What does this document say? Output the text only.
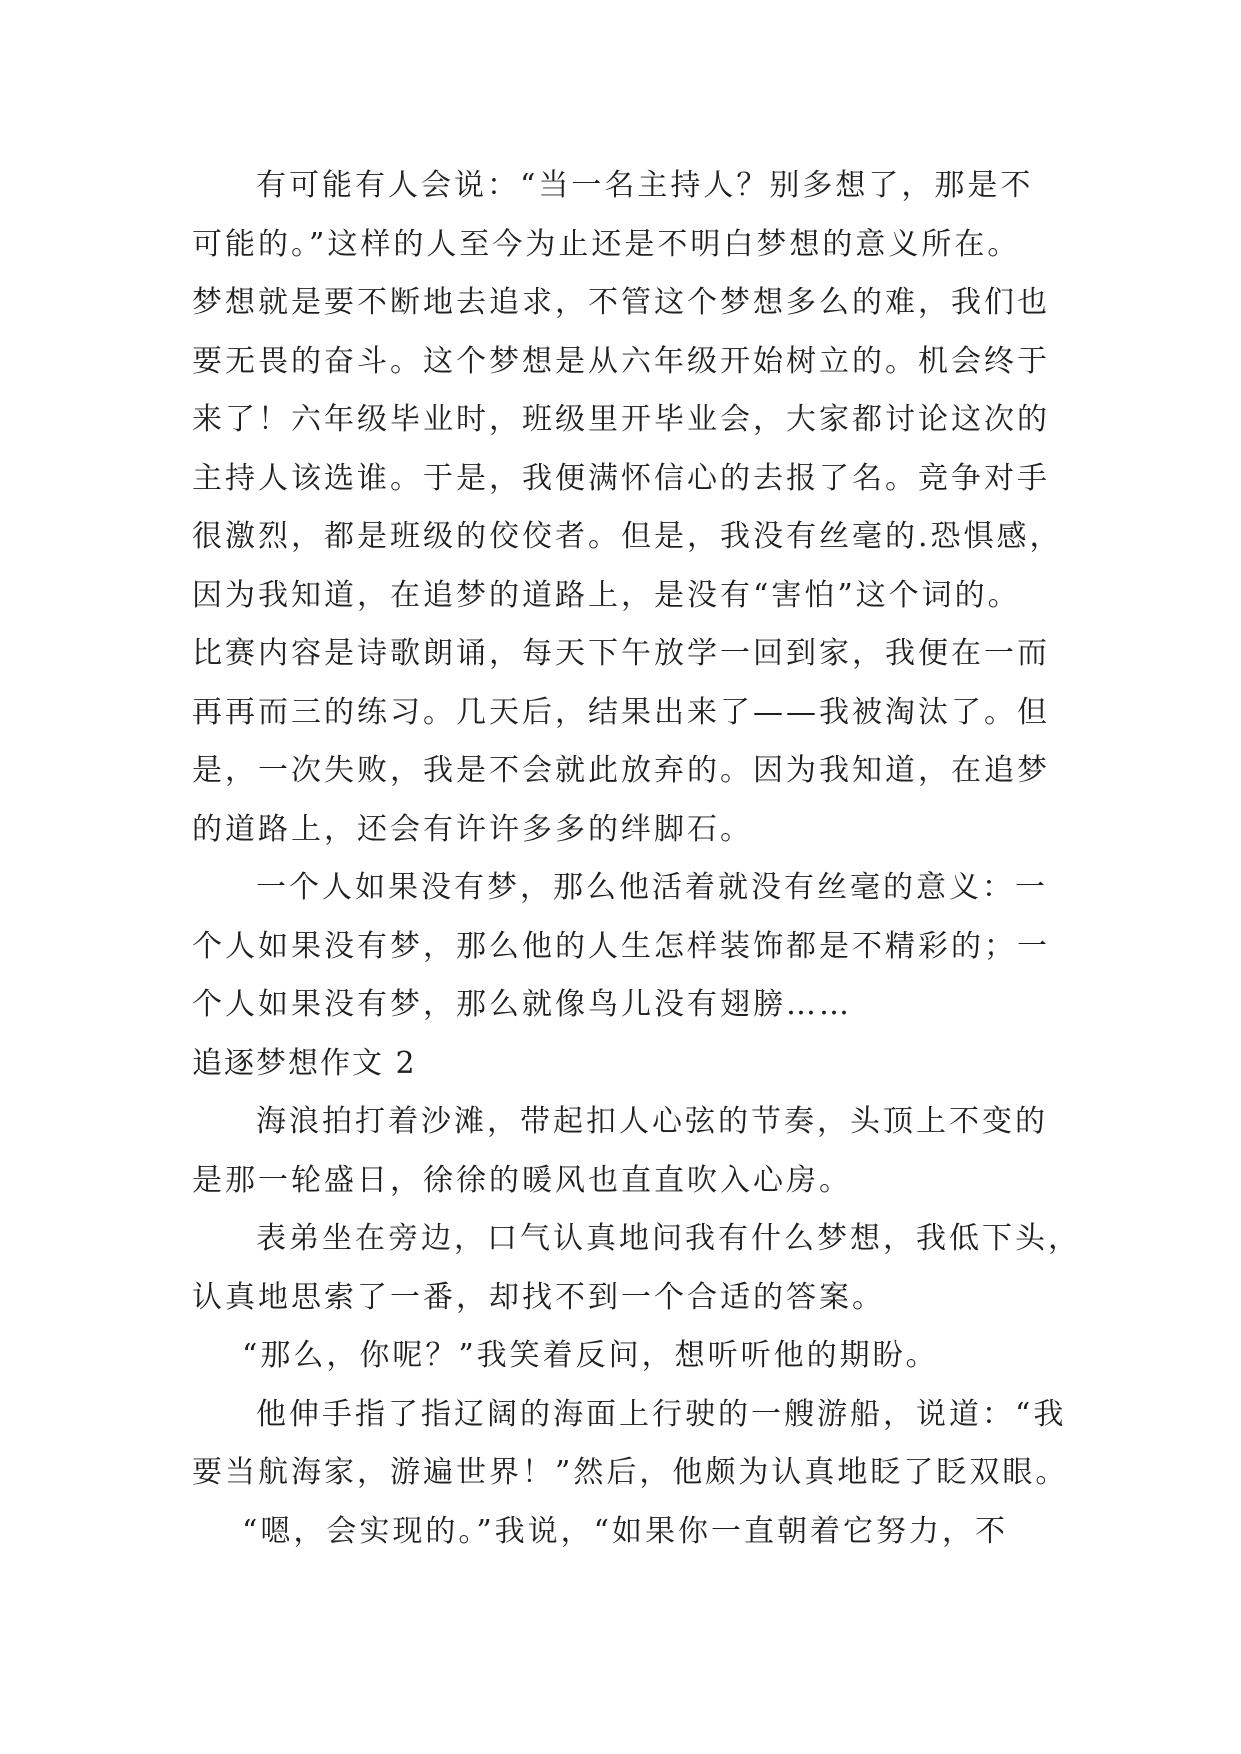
有可能有人会说：“当一名主持人？别多想了，那是不
可能的。”这样的人至今为止还是不明白梦想的意义所在。
梦想就是要不断地去追求，不管这个梦想多么的难，我们也
要无畏的奋斗。这个梦想是从六年级开始树立的。机会终于
来了！六年级毕业时，班级里开毕业会，大家都讨论这次的
主持人该选谁。于是，我便满怀信心的去报了名。竞争对手
很激烈，都是班级的佼佼者。但是，我没有丝毫的.恐惧感，
因为我知道，在追梦的道路上，是没有“害怕”这个词的。
比赛内容是诗歌朗诵，每天下午放学一回到家，我便在一而
再再而三的练习。几天后，结果出来了——我被淘汰了。但
是，一次失败，我是不会就此放弃的。因为我知道，在追梦
的道路上，还会有许许多多的绊脚石。
一个人如果没有梦，那么他活着就没有丝毫的意义：一
个人如果没有梦，那么他的人生怎样装饰都是不精彩的；一
个人如果没有梦，那么就像鸟儿没有翅膀……
追逐梦想作文 2
海浪拍打着沙滩，带起扣人心弦的节奏，头顶上不变的
是那一轮盛日，徐徐的暖风也直直吹入心房。
表弟坐在旁边，口气认真地问我有什么梦想，我低下头，
认真地思索了一番，却找不到一个合适的答案。
“那么，你呢？”我笑着反问，想听听他的期盼。
他伸手指了指辽阔的海面上行驶的一艘游船，说道：“我
要当航海家，游遍世界！”然后，他颇为认真地眨了眨双眼。
“嗯，会实现的。”我说，“如果你一直朝着它努力，不
